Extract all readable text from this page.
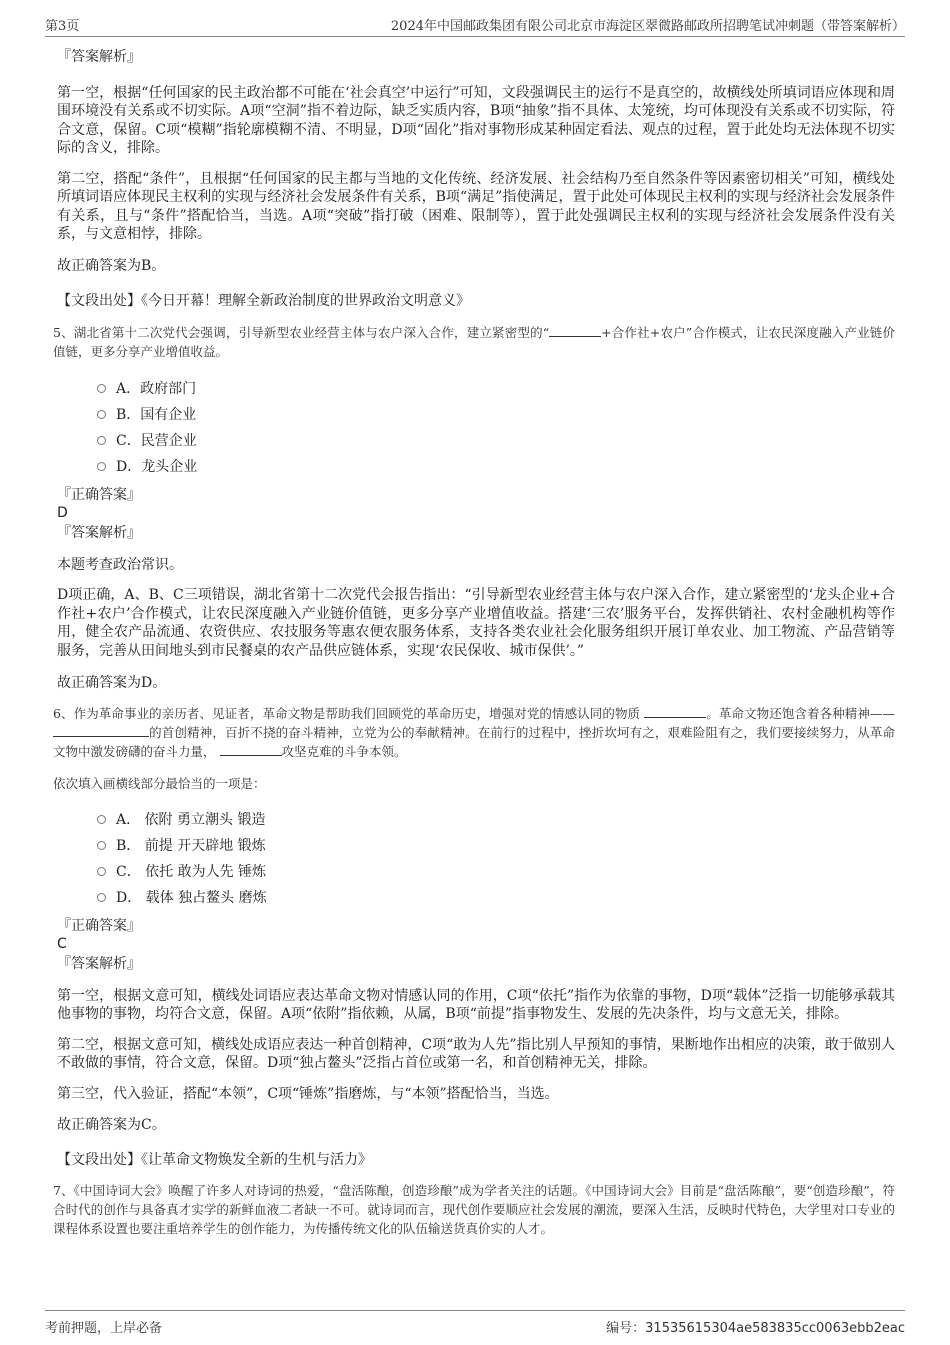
第3页	2024年中国邮政集团有限公司北京市海淀区翠微路邮政所招聘笔试冲刺题（带答案解析）

『答案解析』

第一空，根据“任何国家的民主政治都不可能在‘社会真空’中运行”可知，文段强调民主的运行不是真空的，故横线处所填词语应体现和周围环境没有关系或不切实际。A项“空洞”指不着边际，缺乏实质内容，B项“抽象”指不具体、太笼统，均可体现没有关系或不切实际，符合文意，保留。C项“模糊”指轮廓模糊不清、不明显，D项“固化”指对事物形成某种固定看法、观点的过程，置于此处均无法体现不切实际的含义，排除。

第二空，搭配“条件”，且根据“任何国家的民主都与当地的文化传统、经济发展、社会结构乃至自然条件等因素密切相关”可知，横线处所填词语应体现民主权利的实现与经济社会发展条件有关系，B项“满足”指使满足，置于此处可体现民主权利的实现与经济社会发展条件有关系，且与“条件”搭配恰当，当选。A项“突破”指打破（困难、限制等），置于此处强调民主权利的实现与经济社会发展条件没有关系，与文意相悖，排除。

故正确答案为B。

【文段出处】《今日开幕！理解全新政治制度的世界政治文明意义》

5、湖北省第十二次党代会强调，引导新型农业经营主体与农户深入合作，建立紧密型的“	+合作社+农户”合作模式，让农民深度融入产业链价值链，更多分享产业增值收益。

A．政府部门
B．国有企业
C．民营企业
D．龙头企业

『正确答案』

D

『答案解析』

本题考查政治常识。

D项正确，A、B、C三项错误，湖北省第十二次党代会报告指出：“引导新型农业经营主体与农户深入合作，建立紧密型的‘龙头企业+合作社+农户’合作模式，让农民深度融入产业链价值链，更多分享产业增值收益。搭建‘三农’服务平台，发挥供销社、农村金融机构等作用，健全农产品流通、农资供应、农技服务等惠农便农服务体系，支持各类农业社会化服务组织开展订单农业、加工物流、产品营销等服务，完善从田间地头到市民餐桌的农产品供应链体系，实现‘农民保收、城市保供’。”

故正确答案为D。

6、作为革命事业的亲历者、见证者，革命文物是帮助我们回顾党的革命历史，增强对党的情感认同的物质	。革命文物还饱含着各种精神—— 的首创精神，百折不挠的奋斗精神，立党为公的奉献精神。在前行的过程中，挫折坎坷有之，艰难险阻有之，我们要接续努力，从革命文物中激发磅礴的奋斗力量，	攻坚克难的斗争本领。

依次填入画横线部分最恰当的一项是：

A． 依附 勇立潮头 锻造
B． 前提 开天辟地 锻炼
C． 依托 敢为人先 锤炼
D． 载体 独占鳌头 磨炼

『正确答案』

C

『答案解析』

第一空，根据文意可知，横线处词语应表达革命文物对情感认同的作用，C项“依托”指作为依靠的事物，D项“载体”泛指一切能够承载其他事物的事物，均符合文意，保留。A项“依附”指依赖，从属，B项“前提”指事物发生、发展的先决条件，均与文意无关，排除。

第二空，根据文意可知，横线处成语应表达一种首创精神，C项“敢为人先”指比别人早预知的事情，果断地作出相应的决策，敢于做别人不敢做的事情，符合文意，保留。D项“独占鳌头”泛指占首位或第一名，和首创精神无关，排除。

第三空，代入验证，搭配“本领”，C项“锤炼”指磨炼，与“本领”搭配恰当，当选。

故正确答案为C。

【文段出处】《让革命文物焕发全新的生机与活力》

7、《中国诗词大会》唤醒了许多人对诗词的热爱，“盘活陈酿，创造珍酿”成为学者关注的话题。《中国诗词大会》目前是“盘活陈酿”，要“创造珍酿”，符合时代的创作与具备真才实学的新鲜血液二者缺一不可。就诗词而言，现代创作要顺应社会发展的潮流，要深入生活，反映时代特色，大学里对口专业的课程体系设置也要注重培养学生的创作能力，为传播传统文化的队伍输送货真价实的人才。

考前押题，上岸必备	编号：31535615304ae583835cc0063ebb2eac
